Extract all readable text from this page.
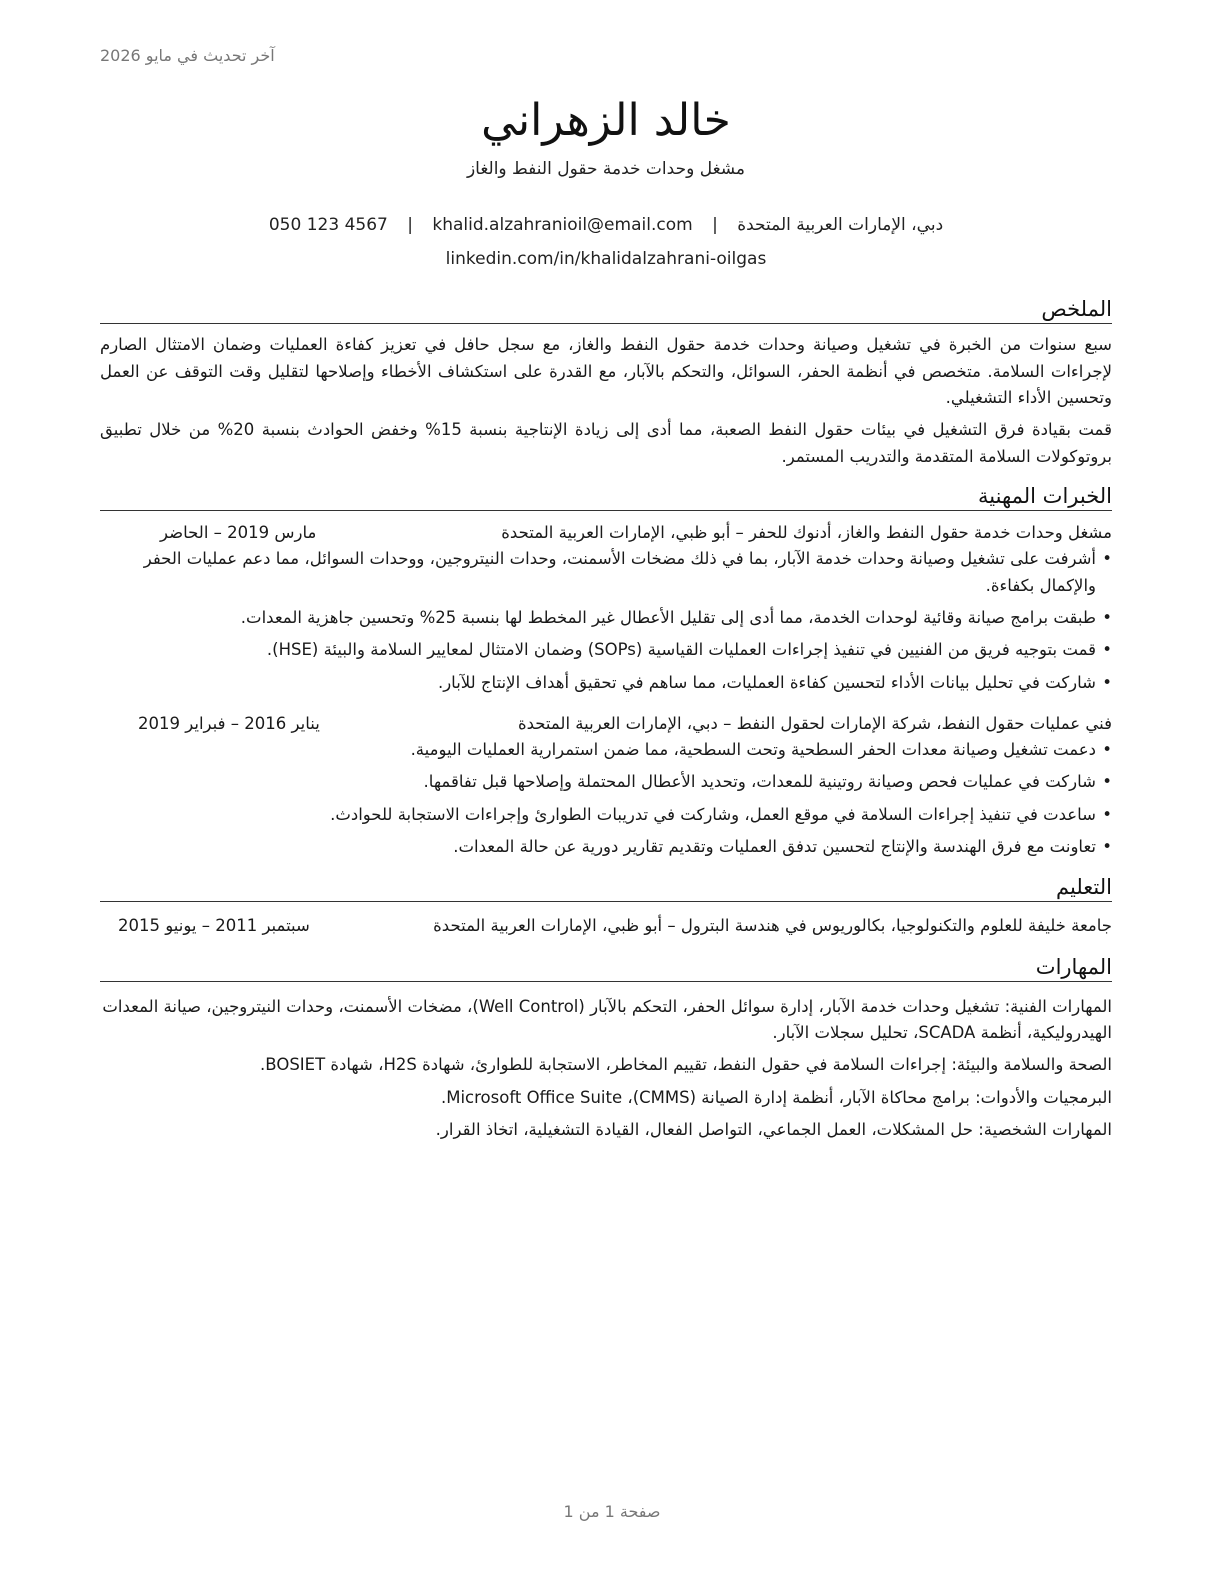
آخر تحديث في مايو 2026
خالد الزهراني
مشغل وحدات خدمة حقول النفط والغاز
دبي، الإمارات العربية المتحدة | khalid.alzahranioil@email.com | 050 123 4567
linkedin.com/in/khalidalzahrani-oilgas
الملخص

سبع سنوات من الخبرة في تشغيل وصيانة وحدات خدمة حقول النفط والغاز، مع سجل حافل في تعزيز كفاءة العمليات وضمان الامتثال الصارم لإجراءات السلامة. متخصص في أنظمة الحفر، السوائل، والتحكم بالآبار، مع القدرة على استكشاف الأخطاء وإصلاحها لتقليل وقت التوقف عن العمل وتحسين الأداء التشغيلي.

قمت بقيادة فرق التشغيل في بيئات حقول النفط الصعبة، مما أدى إلى زيادة الإنتاجية بنسبة 15% وخفض الحوادث بنسبة 20% من خلال تطبيق بروتوكولات السلامة المتقدمة والتدريب المستمر.

الخبرات المهنية
مشغل وحدات خدمة حقول النفط والغاز، أدنوك للحفر – أبو ظبي، الإمارات العربية المتحدة
مارس 2019 – الحاضر
• أشرفت على تشغيل وصيانة وحدات خدمة الآبار، بما في ذلك مضخات الأسمنت، وحدات النيتروجين، ووحدات السوائل، مما دعم عمليات الحفر والإكمال بكفاءة.
• طبقت برامج صيانة وقائية لوحدات الخدمة، مما أدى إلى تقليل الأعطال غير المخطط لها بنسبة 25% وتحسين جاهزية المعدات.
• قمت بتوجيه فريق من الفنيين في تنفيذ إجراءات العمليات القياسية (SOPs) وضمان الامتثال لمعايير السلامة والبيئة (HSE).
• شاركت في تحليل بيانات الأداء لتحسين كفاءة العمليات، مما ساهم في تحقيق أهداف الإنتاج للآبار.
فني عمليات حقول النفط، شركة الإمارات لحقول النفط – دبي، الإمارات العربية المتحدة
يناير 2016 – فبراير 2019
• دعمت تشغيل وصيانة معدات الحفر السطحية وتحت السطحية، مما ضمن استمرارية العمليات اليومية.
• شاركت في عمليات فحص وصيانة روتينية للمعدات، وتحديد الأعطال المحتملة وإصلاحها قبل تفاقمها.
• ساعدت في تنفيذ إجراءات السلامة في موقع العمل، وشاركت في تدريبات الطوارئ وإجراءات الاستجابة للحوادث.
• تعاونت مع فرق الهندسة والإنتاج لتحسين تدفق العمليات وتقديم تقارير دورية عن حالة المعدات.
التعليم
جامعة خليفة للعلوم والتكنولوجيا، بكالوريوس في هندسة البترول – أبو ظبي، الإمارات العربية المتحدة
سبتمبر 2011 – يونيو 2015
المهارات

المهارات الفنية: تشغيل وحدات خدمة الآبار، إدارة سوائل الحفر، التحكم بالآبار (Well Control)، مضخات الأسمنت، وحدات النيتروجين، صيانة المعدات الهيدروليكية، أنظمة SCADA، تحليل سجلات الآبار.

الصحة والسلامة والبيئة: إجراءات السلامة في حقول النفط، تقييم المخاطر، الاستجابة للطوارئ، شهادة H2S، شهادة BOSIET.

البرمجيات والأدوات: برامج محاكاة الآبار، أنظمة إدارة الصيانة (CMMS)، Microsoft Office Suite.

المهارات الشخصية: حل المشكلات، العمل الجماعي، التواصل الفعال، القيادة التشغيلية، اتخاذ القرار.

صفحة 1 من 1
